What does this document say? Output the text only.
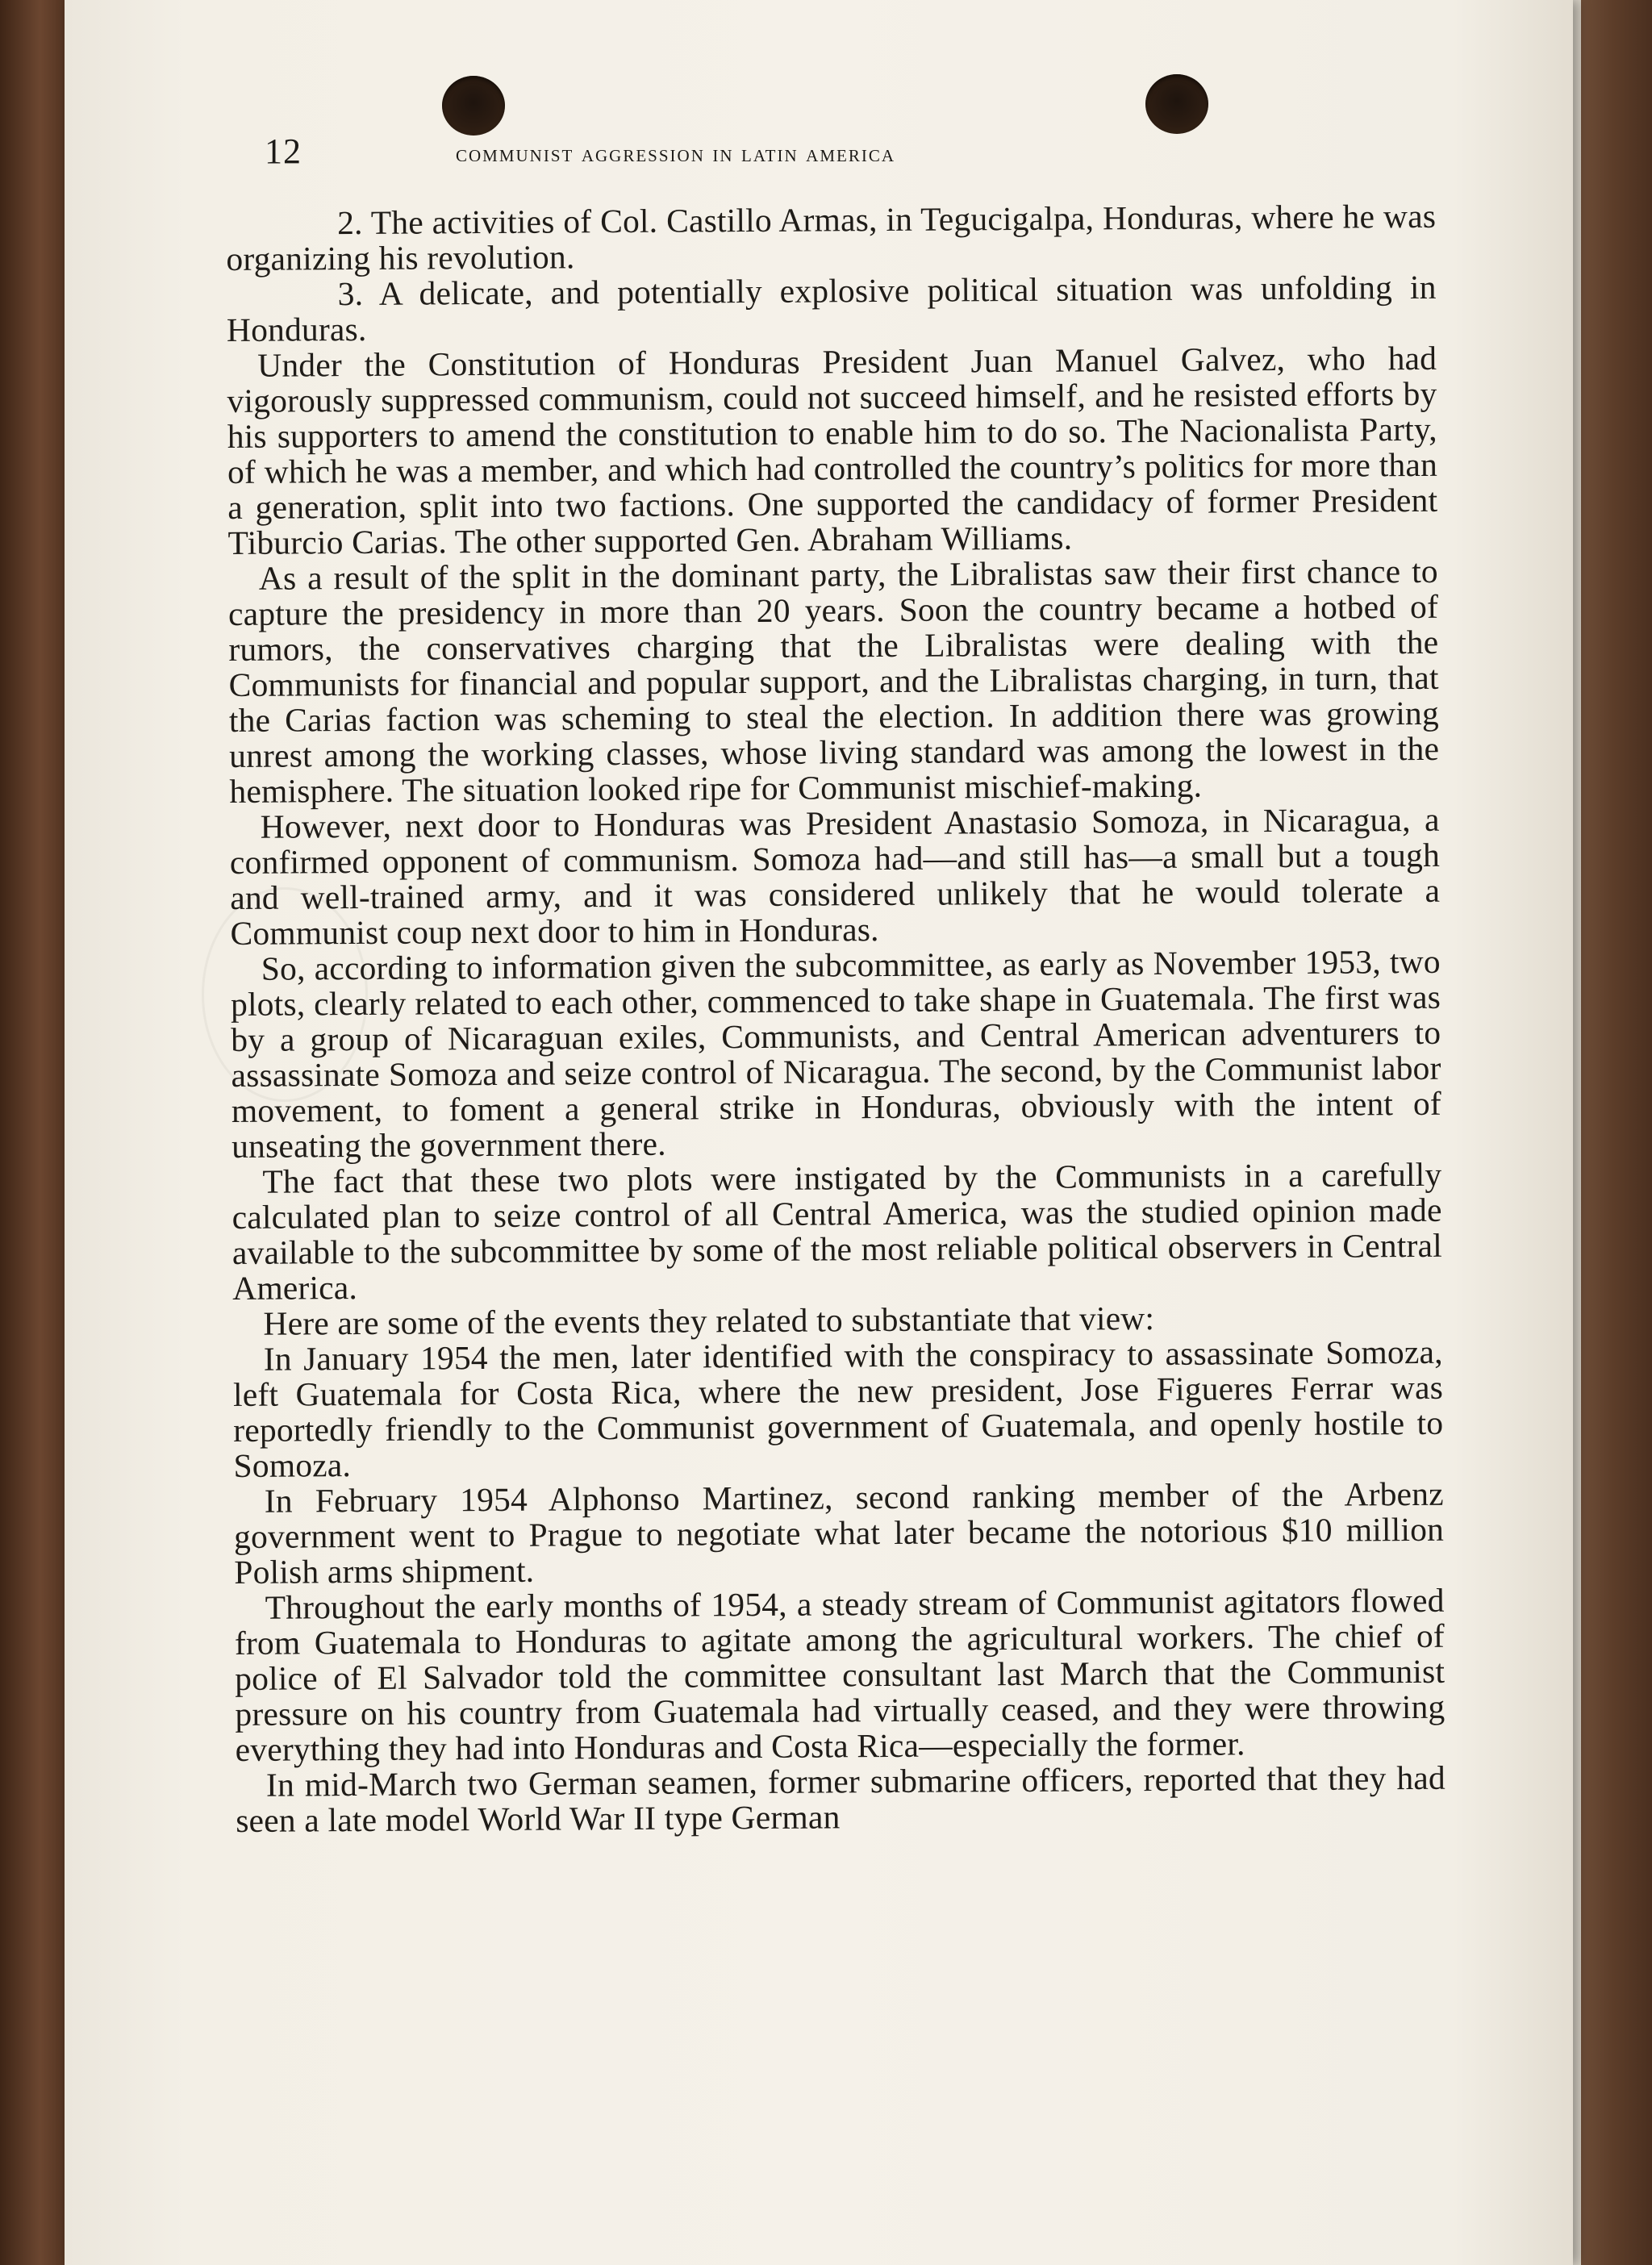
12	communist aggression in latin america

2. The activities of Col. Castillo Armas, in Tegucigalpa, Honduras, where he was organizing his revolution.

3. A delicate, and potentially explosive political situation was unfolding in Honduras.

Under the Constitution of Honduras President Juan Manuel Galvez, who had vigorously suppressed communism, could not succeed himself, and he resisted efforts by his supporters to amend the constitution to enable him to do so. The Nacionalista Party, of which he was a member, and which had controlled the country’s politics for more than a generation, split into two factions. One supported the candidacy of former President Tiburcio Carias. The other supported Gen. Abraham Williams.

As a result of the split in the dominant party, the Libralistas saw their first chance to capture the presidency in more than 20 years. Soon the country became a hotbed of rumors, the conservatives charging that the Libralistas were dealing with the Communists for financial and popular support, and the Libralistas charging, in turn, that the Carias faction was scheming to steal the election. In addition there was growing unrest among the working classes, whose living standard was among the lowest in the hemisphere. The situation looked ripe for Communist mischief-making.

However, next door to Honduras was President Anastasio Somoza, in Nicaragua, a confirmed opponent of communism. Somoza had—and still has—a small but a tough and well-trained army, and it was considered unlikely that he would tolerate a Communist coup next door to him in Honduras.

So, according to information given the subcommittee, as early as November 1953, two plots, clearly related to each other, commenced to take shape in Guatemala. The first was by a group of Nicaraguan exiles, Communists, and Central American adventurers to assassinate Somoza and seize control of Nicaragua. The second, by the Communist labor movement, to foment a general strike in Honduras, obviously with the intent of unseating the government there.

The fact that these two plots were instigated by the Communists in a carefully calculated plan to seize control of all Central America, was the studied opinion made available to the subcommittee by some of the most reliable political observers in Central America.

Here are some of the events they related to substantiate that view:

In January 1954 the men, later identified with the conspiracy to assassinate Somoza, left Guatemala for Costa Rica, where the new president, Jose Figueres Ferrar was reportedly friendly to the Communist government of Guatemala, and openly hostile to Somoza.

In February 1954 Alphonso Martinez, second ranking member of the Arbenz government went to Prague to negotiate what later became the notorious $10 million Polish arms shipment.

Throughout the early months of 1954, a steady stream of Communist agitators flowed from Guatemala to Honduras to agitate among the agricultural workers. The chief of police of El Salvador told the committee consultant last March that the Communist pressure on his country from Guatemala had virtually ceased, and they were throwing everything they had into Honduras and Costa Rica—especially the former.

In mid-March two German seamen, former submarine officers, reported that they had seen a late model World War II type German
